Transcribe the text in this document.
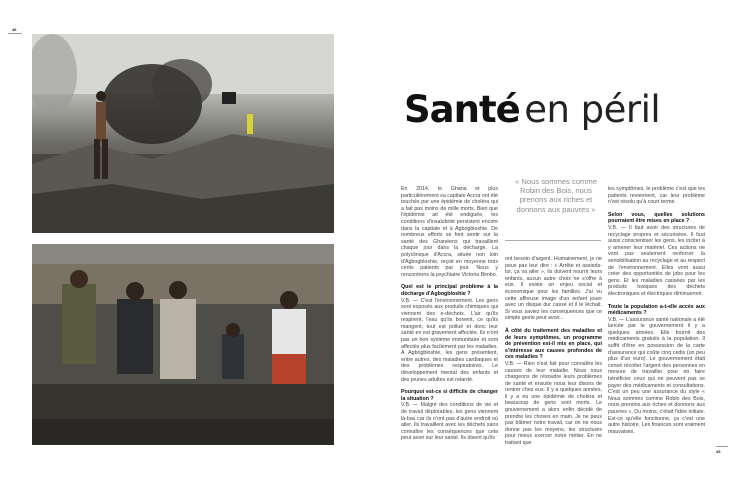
46
Santé en péril
« Nous sommes comme Robin des Bois, nous prenons aux riches et donnons aux pauvres »

En 2014, le Ghana et plus particulièrement sa capitale Accra ont été touchés par une épidémie de choléra qui a fait pas moins de mille morts. Bien que l'épidémie ait été endiguée, les conditions d'insalubrité persistent encore dans la capitale et à Agbogbloshie. De nombreux efforts se font sentir sur la santé des Ghanéens qui travaillent chaque jour dans la décharge. La polyclinique d'Accra, située non loin d'Agbogbloshie, reçoit en moyenne trois cents patients par jour. Nous y rencontrons la psychiatre Victoria Bimbo.

Quel est le principal problème à la décharge d'Agbogbloshie ?

V.B. — C'est l'environnement. Les gens sont exposés aux produits chimiques qui viennent des e-déchets. L'air qu'ils respirent, l'eau qu'ils boivent, ce qu'ils mangent, tout est pollué et donc leur santé en est gravement affectée. Ils n'ont pas un bon système immunitaire et sont affectés plus facilement par les maladies. À Agbogbloshie, les gens présentent, entre autres, des maladies cardiaques et des problèmes respiratoires. Le développement mental des enfants et des jeunes adultes est retardé.

Pourquoi est-ce si difficile de changer la situation ?

V.B. — Malgré des conditions de vie et de travail déplorables, les gens viennent là-bas car ils n'ont pas d'autre endroit où aller. Ils travaillent avec les déchets sans connaître les conséquences que cela peut avoir sur leur santé. Ils disent qu'ils

ont besoin d'argent. Humainement, je ne peux pas leur dire : « Arrête et assieds-toi, ça va aller », ils doivent nourrir leurs enfants, aucun autre choix ne s'offre à eux. Il existe un enjeu social et économique pour les familles. J'ai vu cette affreuse image d'un enfant jouer avec un disque dur cassé et il le léchait. Si vous saviez les conséquences que ce simple geste peut avoir...

À côté du traitement des maladies et de leurs symptômes, un programme de prévention est-il mis en place, qui s'intéresse aux causes profondes de ces maladies ?

V.B. — Rien n'est fait pour connaître les causes de leur maladie. Nous nous chargeons de résoudre leurs problèmes de santé et ensuite nous leur disons de rentrer chez eux. Il y a quelques années, il y a eu une épidémie de choléra et beaucoup de gens sont morts. Le gouvernement a alors enfin décidé de prendre les choses en main. Je ne peux pas blâmer notre travail, car on ne nous donne pas les moyens, les structures pour mieux exercer notre métier. En ne traitant que

les symptômes, le problème c'est que les patients reviennent, car leur problème n'est résolu qu'à court terme.

Selon vous, quelles solutions pourraient être mises en place ?

V.B. — Il faut avoir des structures de recyclage propres et sécurisées. Il faut aussi conscientiser les gens, les inciter à y amener leur matériel. Ces actions ne vont pas seulement renforcer la sensibilisation au recyclage et au respect de l'environnement. Elles vont aussi créer des opportunités de jobs pour les gens. Et les maladies causées par les produits toxiques des déchets électroniques et électriques diminueront.

Toute la population a-t-elle accès aux médicaments ?

V.B. — L'assurance santé nationale a été lancée par le gouvernement il y a quelques années. Elle fournit des médicaments gratuits à la population. Il suffit d'être en possession de la carte d'assurance qui coûte cinq cedis (un peu plus d'un euro). Le gouvernement était censé récolter l'argent des personnes en mesure de travailler pour en faire bénéficier ceux qui ne peuvent pas se payer des médicaments et consultations. C'est un peu une assurance du style « Nous sommes comme Robin des Bois, nous prenons aux riches et donnons aux pauvres ». Du moins, c'était l'idée initiale. Est-ce qu'elle fonctionne, ça c'est une autre histoire. Les finances sont vraiment mauvaises.

49
